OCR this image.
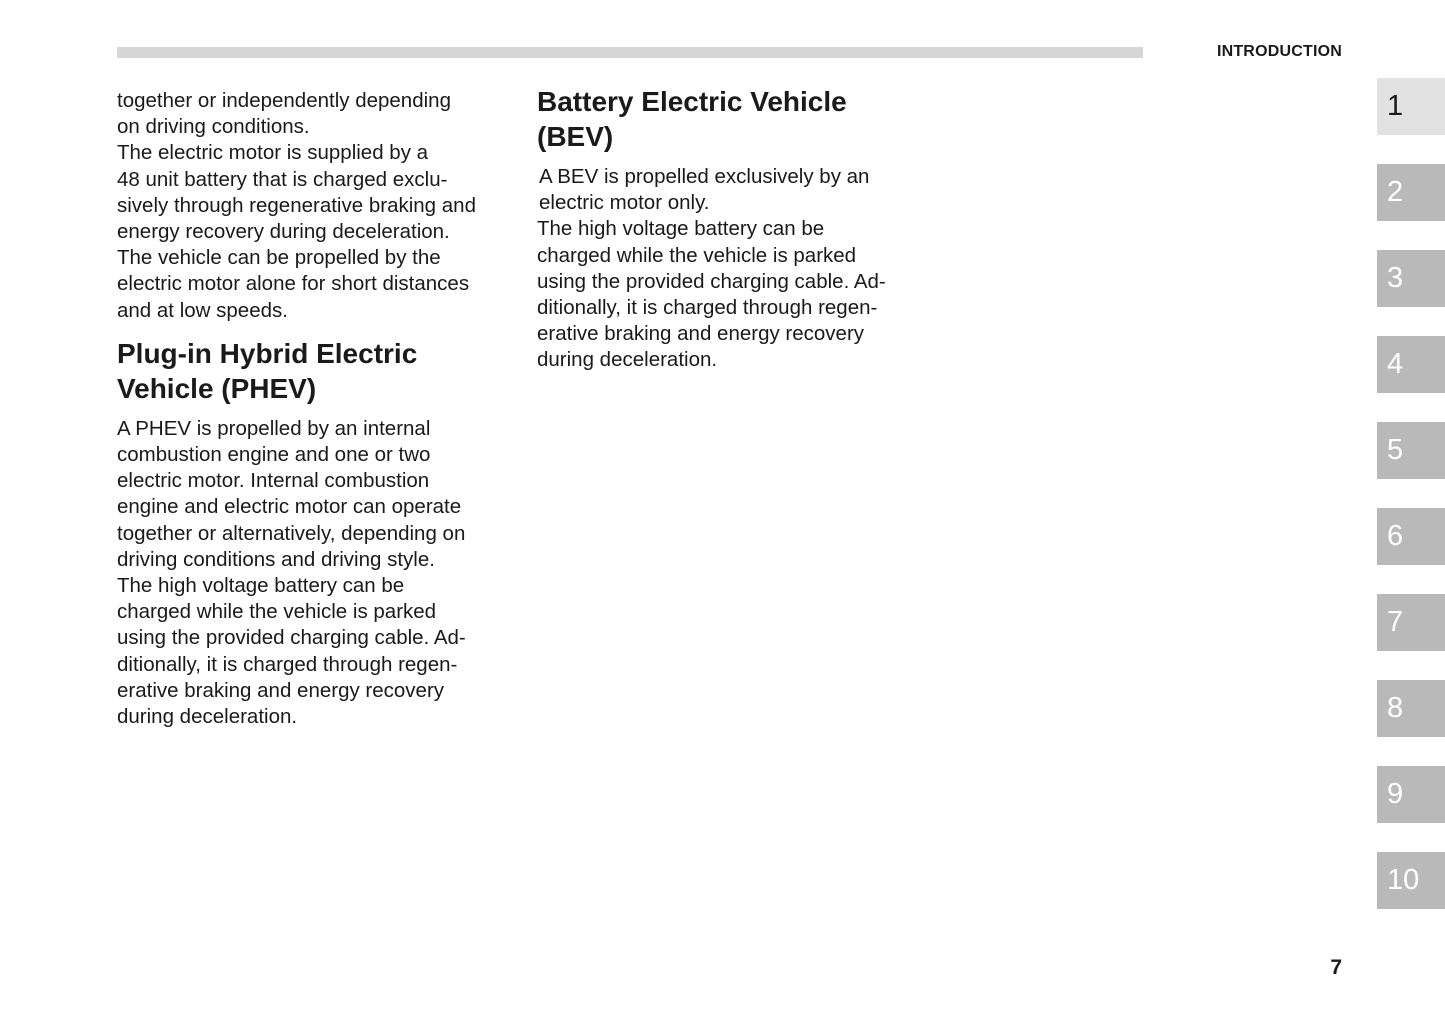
INTRODUCTION

together or independently depending
on driving conditions.
The electric motor is supplied by a
48 unit battery that is charged exclu-
sively through regenerative braking and
energy recovery during deceleration.
The vehicle can be propelled by the
electric motor alone for short distances
and at low speeds.

Plug-in Hybrid Electric
Vehicle (PHEV)

A PHEV is propelled by an internal
combustion engine and one or two
electric motor. Internal combustion
engine and electric motor can operate
together or alternatively, depending on
driving conditions and driving style.
The high voltage battery can be
charged while the vehicle is parked
using the provided charging cable. Ad-
ditionally, it is charged through regen-
erative braking and energy recovery
during deceleration.

Battery Electric Vehicle
(BEV)

A BEV is propelled exclusively by an
electric motor only.

The high voltage battery can be
charged while the vehicle is parked
using the provided charging cable. Ad-
ditionally, it is charged through regen-
erative braking and energy recovery
during deceleration.

1
2
3
4
5
6
7
8
9
10
7
